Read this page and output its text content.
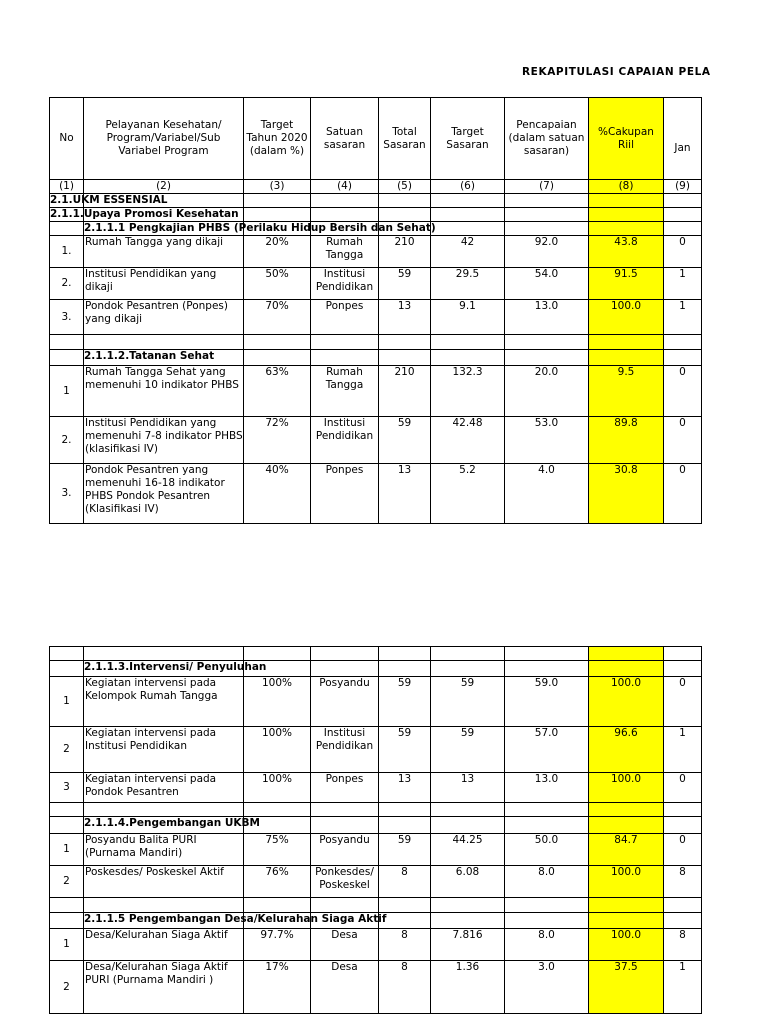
REKAPITULASI CAPAIAN PELA
No	Pelayanan Kesehatan/ Program/Variabel/Sub Variabel Program	Target Tahun 2020 (dalam %)	Satuan sasaran	Total Sasaran	Target Sasaran	Pencapaian (dalam satuan sasaran)	%Cakupan Riil	Jan
(1)	(2)	(3)	(4)	(5)	(6)	(7)	(8)	(9)

2.1.UKM ESSENSIAL								

2.1.1.Upaya Promosi Kesehatan								

	2.1.1.1 Pengkajian PHBS (Perilaku Hidup Bersih dan Sehat)							

1.	Rumah Tangga yang dikaji	20%	Rumah Tangga	210	42	92.0	43.8	0
2.	Institusi Pendidikan yang dikaji	50%	Institusi Pendidikan	59	29.5	54.0	91.5	1
3.	Pondok Pesantren (Ponpes) yang dikaji	70%	Ponpes	13	9.1	13.0	100.0	1

	2.1.1.2.Tatanan Sehat							

1	Rumah Tangga Sehat yang memenuhi 10 indikator PHBS	63%	Rumah Tangga	210	132.3	20.0	9.5	0
2.	Institusi Pendidikan yang memenuhi 7-8 indikator PHBS (klasifikasi IV)	72%	Institusi Pendidikan	59	42.48	53.0	89.8	0
3.	Pondok Pesantren yang memenuhi 16-18 indikator PHBS Pondok Pesantren (Klasifikasi IV)	40%	Ponpes	13	5.2	4.0	30.8	0

	2.1.1.3.Intervensi/ Penyuluhan							

1	Kegiatan intervensi pada Kelompok Rumah Tangga	100%	Posyandu	59	59	59.0	100.0	0
2	Kegiatan intervensi pada Institusi Pendidikan	100%	Institusi Pendidikan	59	59	57.0	96.6	1
3	Kegiatan intervensi pada Pondok Pesantren	100%	Ponpes	13	13	13.0	100.0	0

	2.1.1.4.Pengembangan UKBM							

1	Posyandu Balita PURI (Purnama Mandiri)	75%	Posyandu	59	44.25	50.0	84.7	0
2	Poskesdes/ Poskeskel Aktif	76%	Ponkesdes/ Poskeskel	8	6.08	8.0	100.0	8

	2.1.1.5 Pengembangan Desa/Kelurahan Siaga Aktif							

1	Desa/Kelurahan Siaga Aktif	97.7%	Desa	8	7.816	8.0	100.0	8
2	Desa/Kelurahan Siaga Aktif PURI (Purnama Mandiri )	17%	Desa	8	1.36	3.0	37.5	1
